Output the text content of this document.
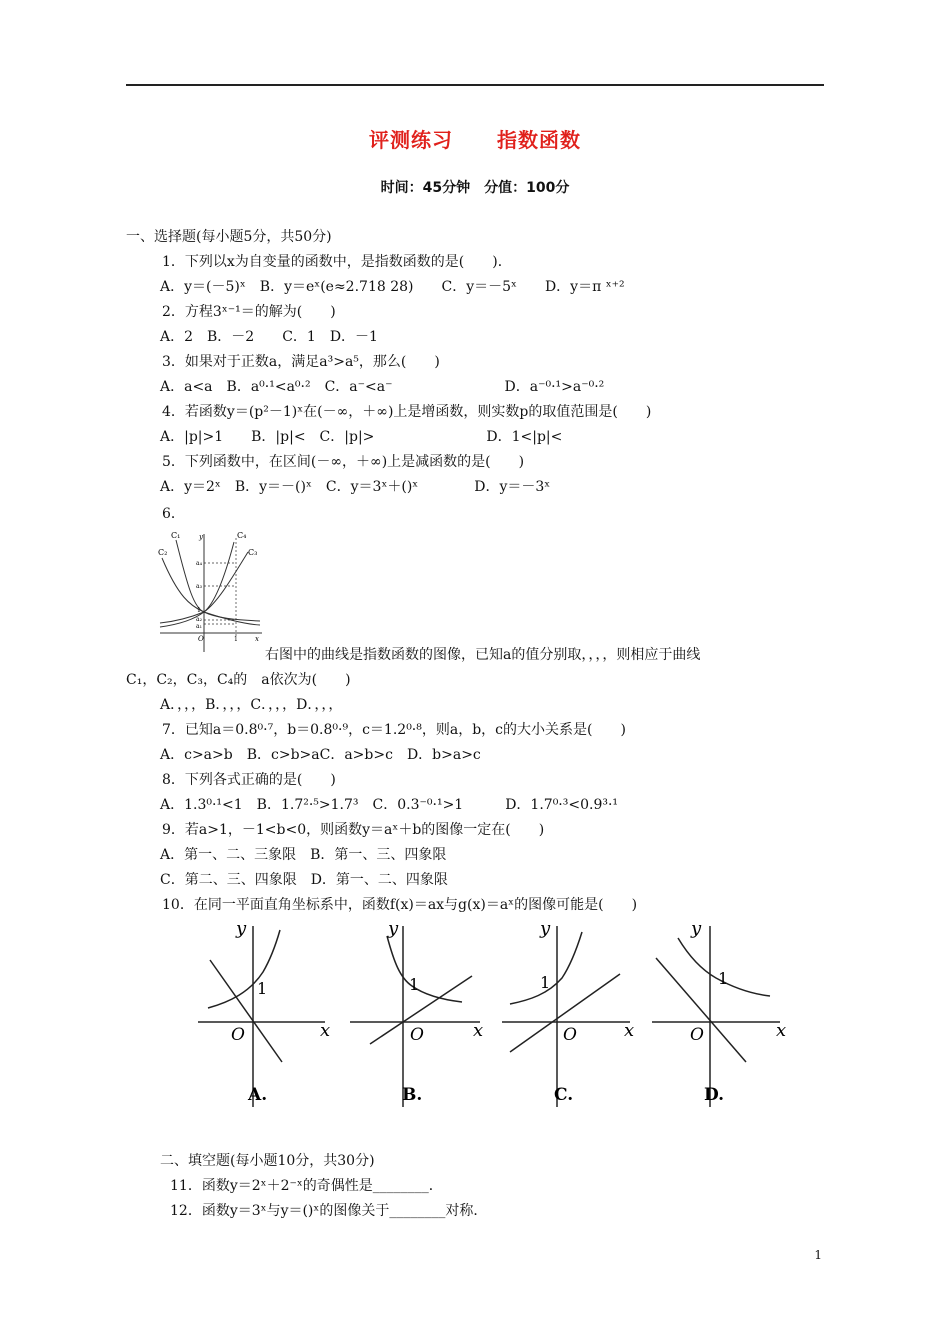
评测练习 指数函数
时间：45分钟　分值：100分
一、选择题(每小题5分，共50分)
1．下列以x为自变量的函数中，是指数函数的是(　　)．
A．y＝(－5)ˣ　B．y＝eˣ(e≈2.718 28)　　C．y＝－5ˣ　　D．y＝π ˣ⁺²
2．方程3ˣ⁻¹＝的解为(　　)
A．2　B．－2　　C．1　D．－1
3．如果对于正数a，满足a³>a⁵，那么(　　)
A．a<a　B．a⁰·¹<a⁰·²　C．a⁻<a⁻　　　　　　　　D．a⁻⁰·¹>a⁻⁰·²
4．若函数y＝(p²－1)ˣ在(－∞，＋∞)上是增函数，则实数p的取值范围是(　　)
A．|p|>1　　B．|p|<　C．|p|>　　　　　　　　D．1<|p|<
5．下列函数中，在区间(－∞，＋∞)上是减函数的是(　　)
A．y＝2ˣ　B．y＝－()ˣ　C．y＝3ˣ＋()ˣ　　　　D．y＝－3ˣ
6．
C₁
C₂	C₃
C₄
y
x
a₄
a₃
a₂
a₁
1
1
O
右图中的曲线是指数函数的图像，已知a的值分别取，，，，则相应于曲线
C₁，C₂，C₃，C₄的　a依次为(　　)
A．，，，B．，，，C．，，，D．，，，
7．已知a＝0.8⁰·⁷，b＝0.8⁰·⁹，c＝1.2⁰·⁸，则a，b，c的大小关系是(　　)
A．c>a>b　B．c>b>aC．a>b>c　D．b>a>c
8．下列各式正确的是(　　)
A．1.3⁰·¹<1　B．1.7²·⁵>1.7³　C．0.3⁻⁰·¹>1　　　D．1.7⁰·³<0.9³·¹
9．若a>1，－1<b<0，则函数y＝aˣ＋b的图像一定在(　　)
A．第一、二、三象限　B．第一、三、四象限
C．第二、三、四象限　D．第一、二、四象限
10．在同一平面直角坐标系中，函数f(x)＝ax与g(x)＝aˣ的图像可能是(　　)
y
x
O
1
A.
y
x
O
1
B.
y
x
O
1
C.
y
x
O
1
D.
二、填空题(每小题10分，共30分)
11．函数y＝2ˣ＋2⁻ˣ的奇偶性是________．
12．函数y＝3ˣ与y＝()ˣ的图像关于________对称．
1
